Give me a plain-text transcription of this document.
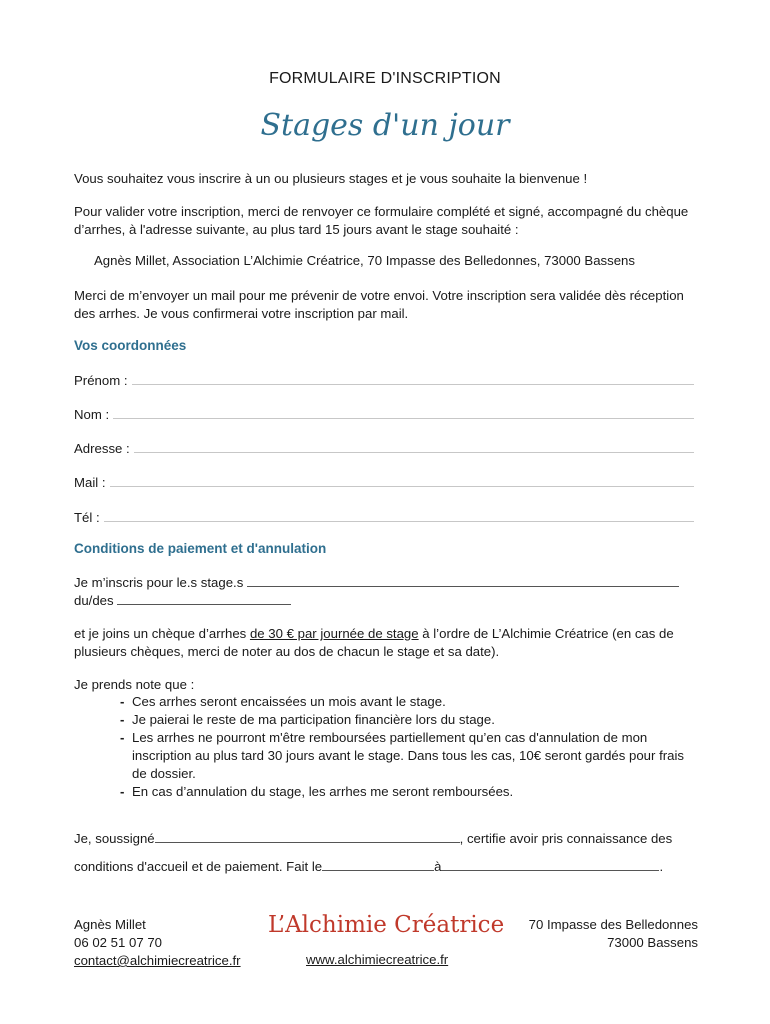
FORMULAIRE D'INSCRIPTION
Stages d'un jour
Vous souhaitez vous inscrire à un ou plusieurs stages et je vous souhaite la bienvenue !
Pour valider votre inscription, merci de renvoyer ce formulaire complété et signé, accompagné du chèque d’arrhes, à l'adresse suivante, au plus tard 15 jours avant le stage souhaité :
Agnès Millet, Association L’Alchimie Créatrice, 70 Impasse des Belledonnes, 73000 Bassens
Merci de m’envoyer un mail pour me prévenir de votre envoi. Votre inscription sera validée dès réception des arrhes. Je vous confirmerai votre inscription par mail.
Vos coordonnées
Prénom :
Nom :
Adresse :
Mail :
Tél :
Conditions de paiement et d'annulation
Je m’inscris pour le.s stage.s
du/des
et je joins un chèque d’arrhes de 30 € par journée de stage à l’ordre de L’Alchimie Créatrice (en cas de plusieurs chèques, merci de noter au dos de chacun le stage et sa date).
Je prends note que :
- Ces arrhes seront encaissées un mois avant le stage.
- Je paierai le reste de ma participation financière lors du stage.
- Les arrhes ne pourront m'être remboursées partiellement qu’en cas d'annulation de mon inscription au plus tard 30 jours avant le stage. Dans tous les cas, 10€ seront gardés pour frais de dossier.
- En cas d’annulation du stage, les arrhes me seront remboursées.
Je, soussigné	, certifie avoir pris connaissance des
conditions d'accueil et de paiement. Fait le	à	.
Agnès Millet
06 02 51 07 70
contact@alchimiecreatrice.fr
L’Alchimie Créatrice
www.alchimiecreatrice.fr
70 Impasse des Belledonnes
73000 Bassens
